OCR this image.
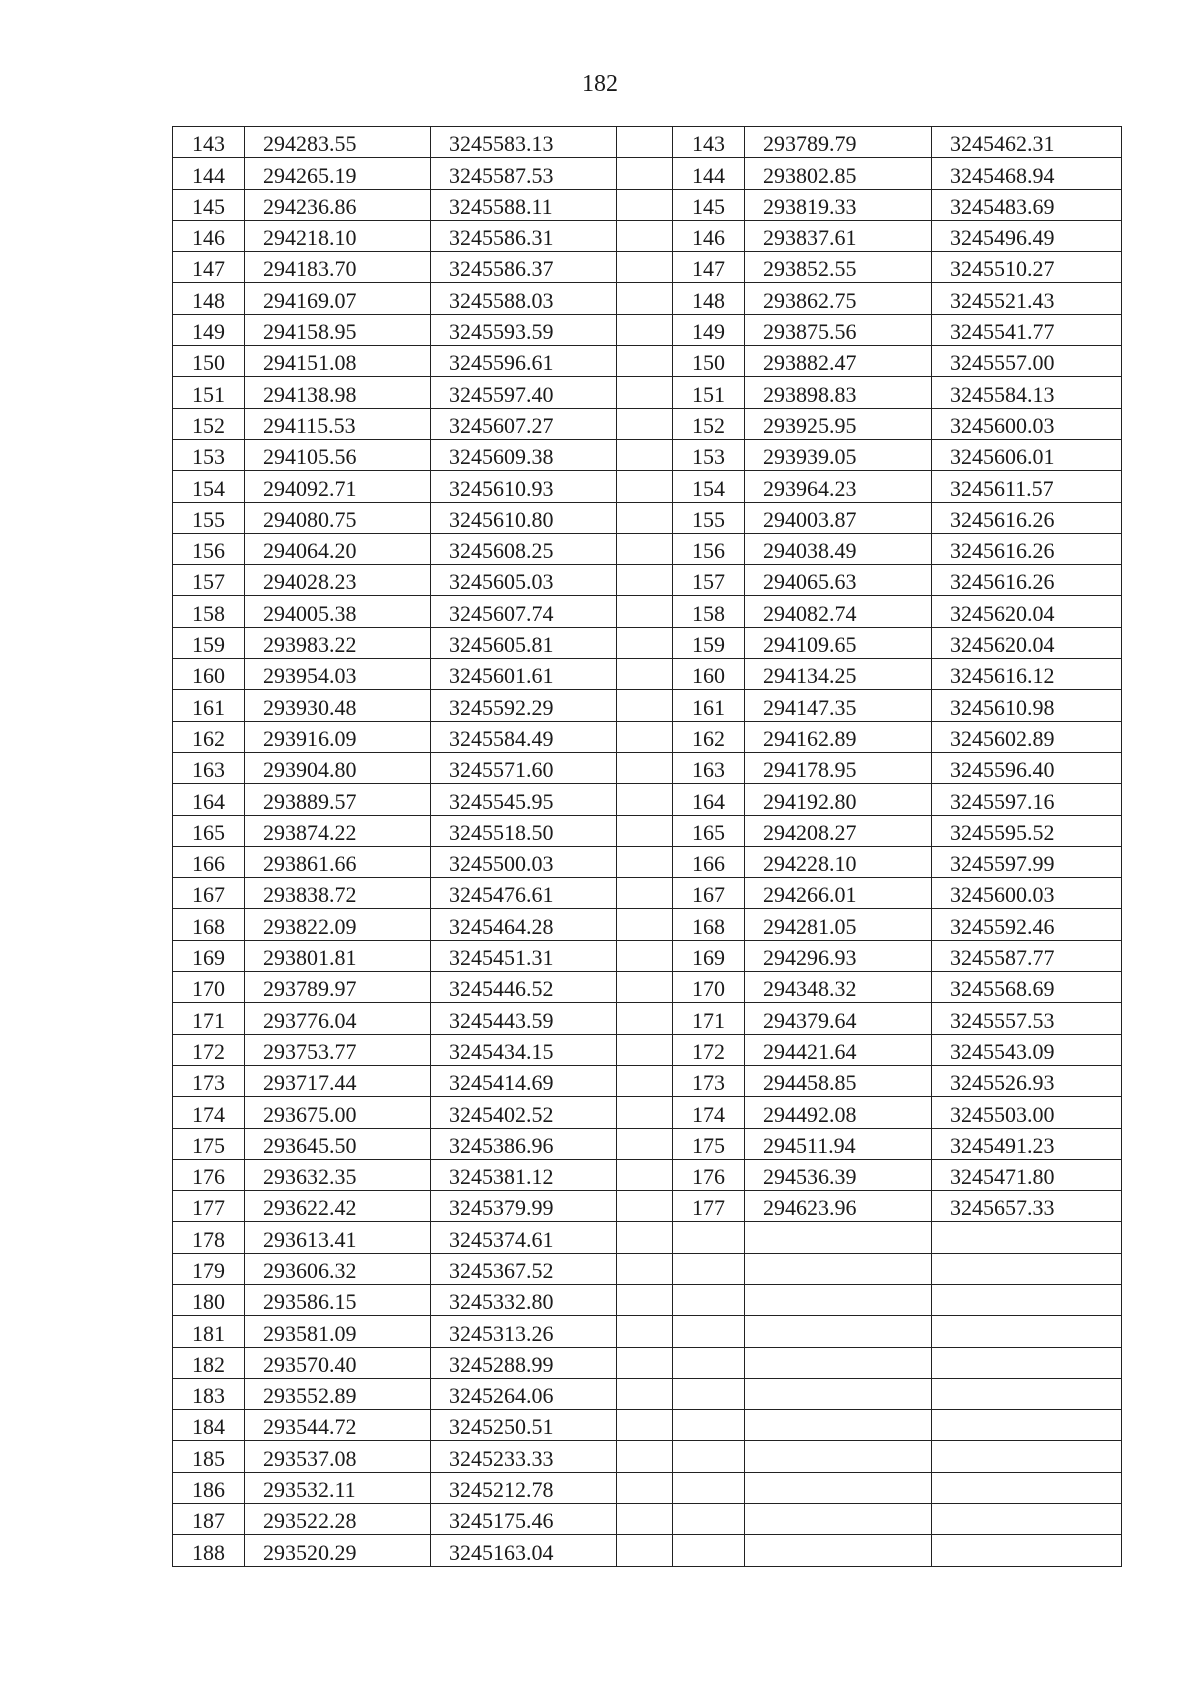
182
143	294283.55	3245583.13		143	293789.79	3245462.31
144	294265.19	3245587.53		144	293802.85	3245468.94
145	294236.86	3245588.11		145	293819.33	3245483.69
146	294218.10	3245586.31		146	293837.61	3245496.49
147	294183.70	3245586.37		147	293852.55	3245510.27
148	294169.07	3245588.03		148	293862.75	3245521.43
149	294158.95	3245593.59		149	293875.56	3245541.77
150	294151.08	3245596.61		150	293882.47	3245557.00
151	294138.98	3245597.40		151	293898.83	3245584.13
152	294115.53	3245607.27		152	293925.95	3245600.03
153	294105.56	3245609.38		153	293939.05	3245606.01
154	294092.71	3245610.93		154	293964.23	3245611.57
155	294080.75	3245610.80		155	294003.87	3245616.26
156	294064.20	3245608.25		156	294038.49	3245616.26
157	294028.23	3245605.03		157	294065.63	3245616.26
158	294005.38	3245607.74		158	294082.74	3245620.04
159	293983.22	3245605.81		159	294109.65	3245620.04
160	293954.03	3245601.61		160	294134.25	3245616.12
161	293930.48	3245592.29		161	294147.35	3245610.98
162	293916.09	3245584.49		162	294162.89	3245602.89
163	293904.80	3245571.60		163	294178.95	3245596.40
164	293889.57	3245545.95		164	294192.80	3245597.16
165	293874.22	3245518.50		165	294208.27	3245595.52
166	293861.66	3245500.03		166	294228.10	3245597.99
167	293838.72	3245476.61		167	294266.01	3245600.03
168	293822.09	3245464.28		168	294281.05	3245592.46
169	293801.81	3245451.31		169	294296.93	3245587.77
170	293789.97	3245446.52		170	294348.32	3245568.69
171	293776.04	3245443.59		171	294379.64	3245557.53
172	293753.77	3245434.15		172	294421.64	3245543.09
173	293717.44	3245414.69		173	294458.85	3245526.93
174	293675.00	3245402.52		174	294492.08	3245503.00
175	293645.50	3245386.96		175	294511.94	3245491.23
176	293632.35	3245381.12		176	294536.39	3245471.80
177	293622.42	3245379.99		177	294623.96	3245657.33
178	293613.41	3245374.61				
179	293606.32	3245367.52				
180	293586.15	3245332.80				
181	293581.09	3245313.26				
182	293570.40	3245288.99				
183	293552.89	3245264.06				
184	293544.72	3245250.51				
185	293537.08	3245233.33				
186	293532.11	3245212.78				
187	293522.28	3245175.46				
188	293520.29	3245163.04				
